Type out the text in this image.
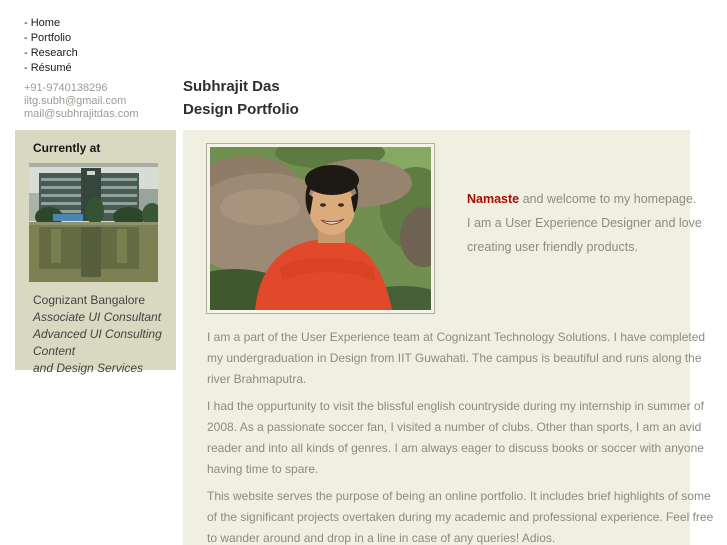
- Home
- Portfolio
- Research
- Résumé
+91-9740138296
iitg.subh@gmail.com
mail@subhrajitdas.com
Subhrajit Das
Design Portfolio
Currently at
Cognizant Bangalore
Associate UI Consultant
Advanced UI Consulting Content
and Design Services
Namaste and welcome to my homepage.
I am a User Experience Designer and love
creating user friendly products.

I am a part of the User Experience team at Cognizant Technology Solutions. I have completed my undergraduation in Design from IIT Guwahati. The campus is beautiful and runs along the river Brahmaputra.

I had the oppurtunity to visit the blissful english countryside during my internship in summer of 2008. As a passionate soccer fan, I visited a number of clubs. Other than sports, I am an avid reader and into all kinds of genres. I am always eager to discuss books or soccer with anyone having time to spare.

This website serves the purpose of being an online portfolio. It includes brief highlights of some of the significant projects overtaken during my academic and professional experience. Feel free to wander around and drop in a line in case of any queries! Adios.
